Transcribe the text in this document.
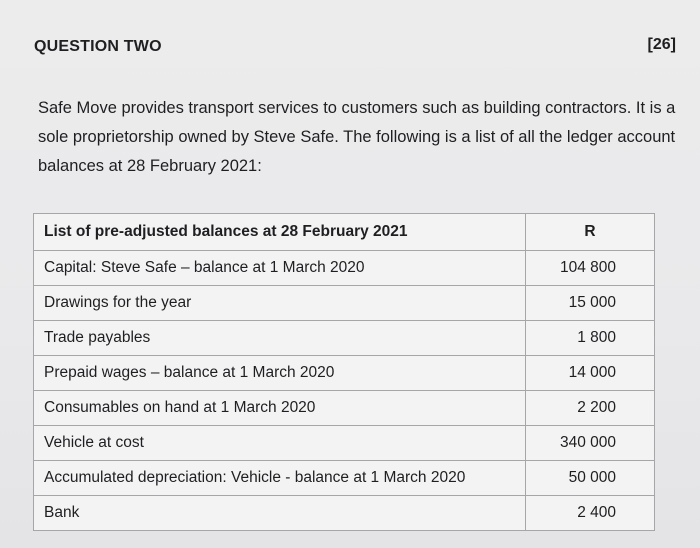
QUESTION TWO	[26]
Safe Move provides transport services to customers such as building contractors. It is a sole proprietorship owned by Steve Safe. The following is a list of all the ledger account balances at 28 February 2021:
List of pre-adjusted balances at 28 February 2021	R
Capital: Steve Safe – balance at 1 March 2020	104 800
Drawings for the year	15 000
Trade payables	1 800
Prepaid wages – balance at 1 March 2020	14 000
Consumables on hand at 1 March 2020	2 200
Vehicle at cost	340 000
Accumulated depreciation: Vehicle - balance at 1 March 2020	50 000
Bank	2 400
